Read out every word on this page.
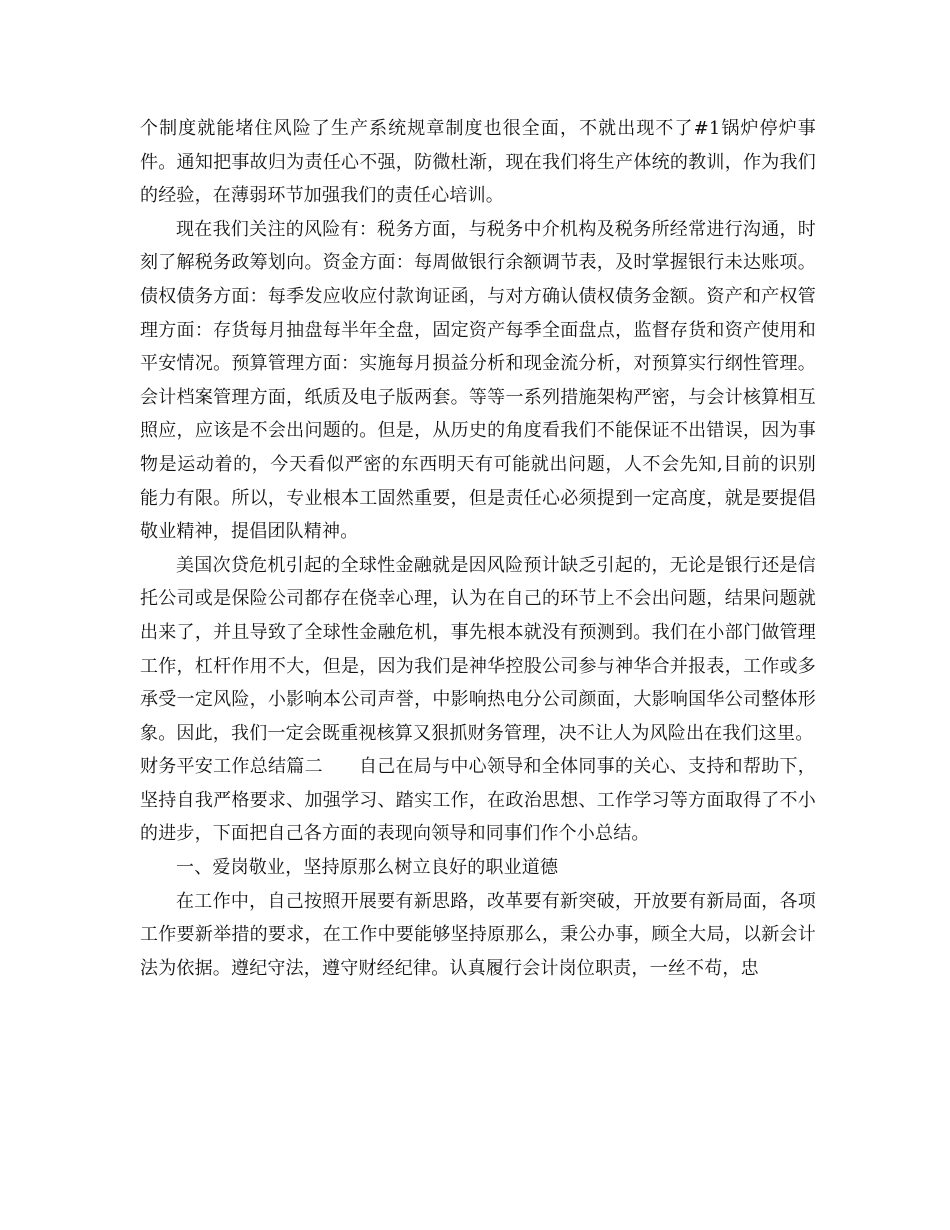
个制度就能堵住风险了生产系统规章制度也很全面，不就出现不了#1锅炉停炉事件。通知把事故归为责任心不强，防微杜渐，现在我们将生产体统的教训，作为我们的经验，在薄弱环节加强我们的责任心培训。

现在我们关注的风险有：税务方面，与税务中介机构及税务所经常进行沟通，时刻了解税务政筹划向。资金方面：每周做银行余额调节表，及时掌握银行未达账项。债权债务方面：每季发应收应付款询证函，与对方确认债权债务金额。资产和产权管理方面：存货每月抽盘每半年全盘，固定资产每季全面盘点，监督存货和资产使用和平安情况。预算管理方面：实施每月损益分析和现金流分析，对预算实行纲性管理。会计档案管理方面，纸质及电子版两套。等等一系列措施架构严密，与会计核算相互照应，应该是不会出问题的。但是，从历史的角度看我们不能保证不出错误，因为事物是运动着的，今天看似严密的东西明天有可能就出问题，人不会先知,目前的识别能力有限。所以，专业根本工固然重要，但是责任心必须提到一定高度，就是要提倡敬业精神，提倡团队精神。

美国次贷危机引起的全球性金融就是因风险预计缺乏引起的，无论是银行还是信托公司或是保险公司都存在侥幸心理，认为在自己的环节上不会出问题，结果问题就出来了，并且导致了全球性金融危机，事先根本就没有预测到。我们在小部门做管理工作，杠杆作用不大，但是，因为我们是神华控股公司参与神华合并报表，工作或多承受一定风险，小影响本公司声誉，中影响热电分公司颜面，大影响国华公司整体形象。因此，我们一定会既重视核算又狠抓财务管理，决不让人为风险出在我们这里。

财务平安工作总结篇二 自己在局与中心领导和全体同事的关心、支持和帮助下，坚持自我严格要求、加强学习、踏实工作，在政治思想、工作学习等方面取得了不小的进步，下面把自己各方面的表现向领导和同事们作个小总结。

一、爱岗敬业，坚持原那么树立良好的职业道德

在工作中，自己按照开展要有新思路，改革要有新突破，开放要有新局面，各项工作要新举措的要求，在工作中要能够坚持原那么，秉公办事，顾全大局，以新会计法为依据。遵纪守法，遵守财经纪律。认真履行会计岗位职责，一丝不苟，忠
